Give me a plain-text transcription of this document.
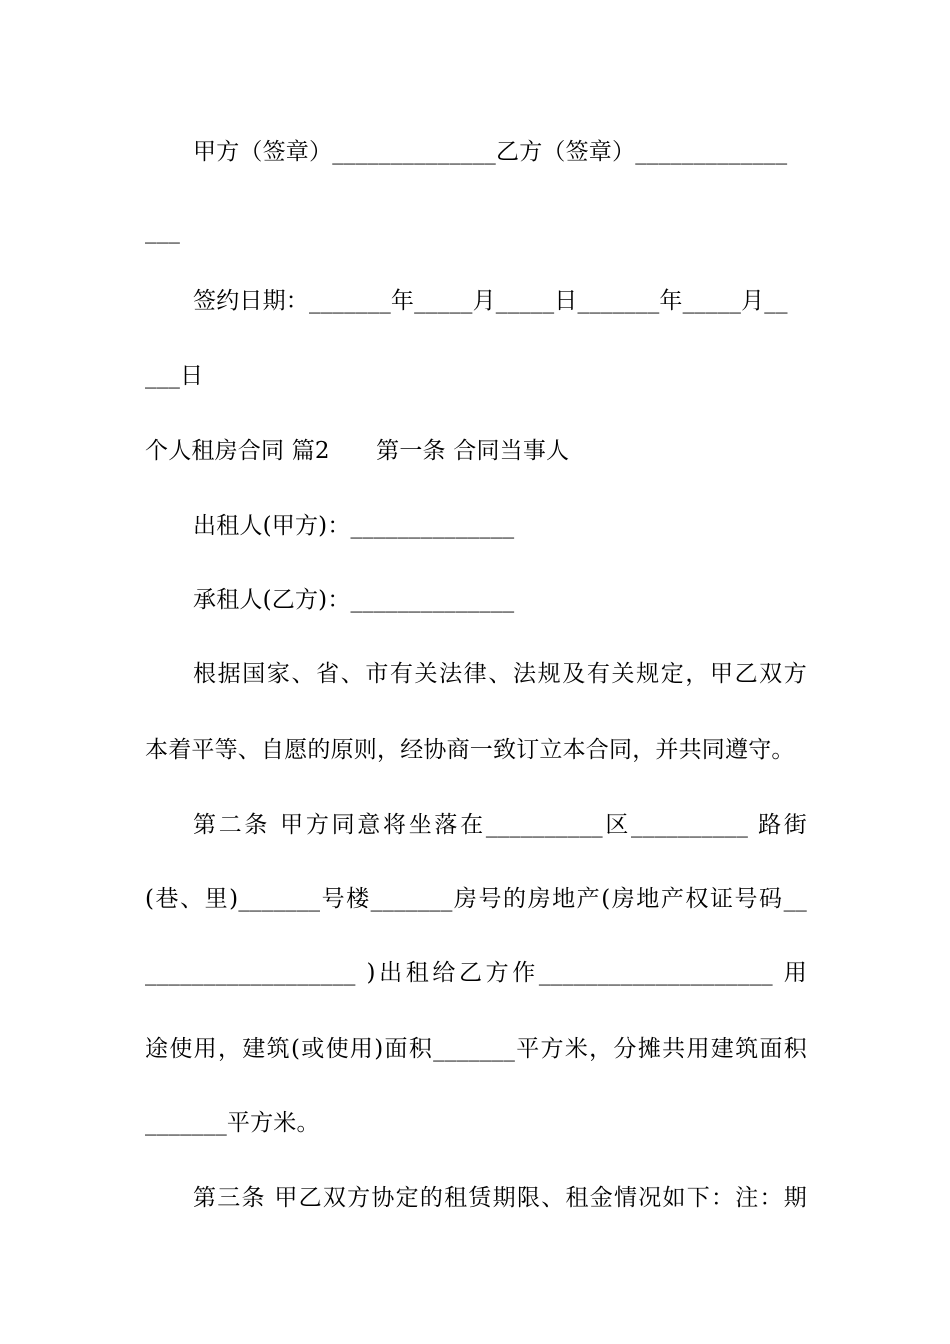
甲方（签章）______________乙方（签章）_____________
___
签约日期：_______年_____月_____日_______年_____月__
___日
个人租房合同 篇2　　第一条 合同当事人
出租人(甲方)：______________
承租人(乙方)：______________
根据国家、省、市有关法律、法规及有关规定，甲乙双方
本着平等、自愿的原则，经协商一致订立本合同，并共同遵守。
第二条 甲方同意将坐落在__________区__________ 路街
(巷、里)_______号楼_______房号的房地产(房地产权证号码__
__________________ )出租给乙方作____________________ 用
途使用，建筑(或使用)面积_______平方米，分摊共用建筑面积
_______平方米。
第三条 甲乙双方协定的租赁期限、租金情况如下：注：期
